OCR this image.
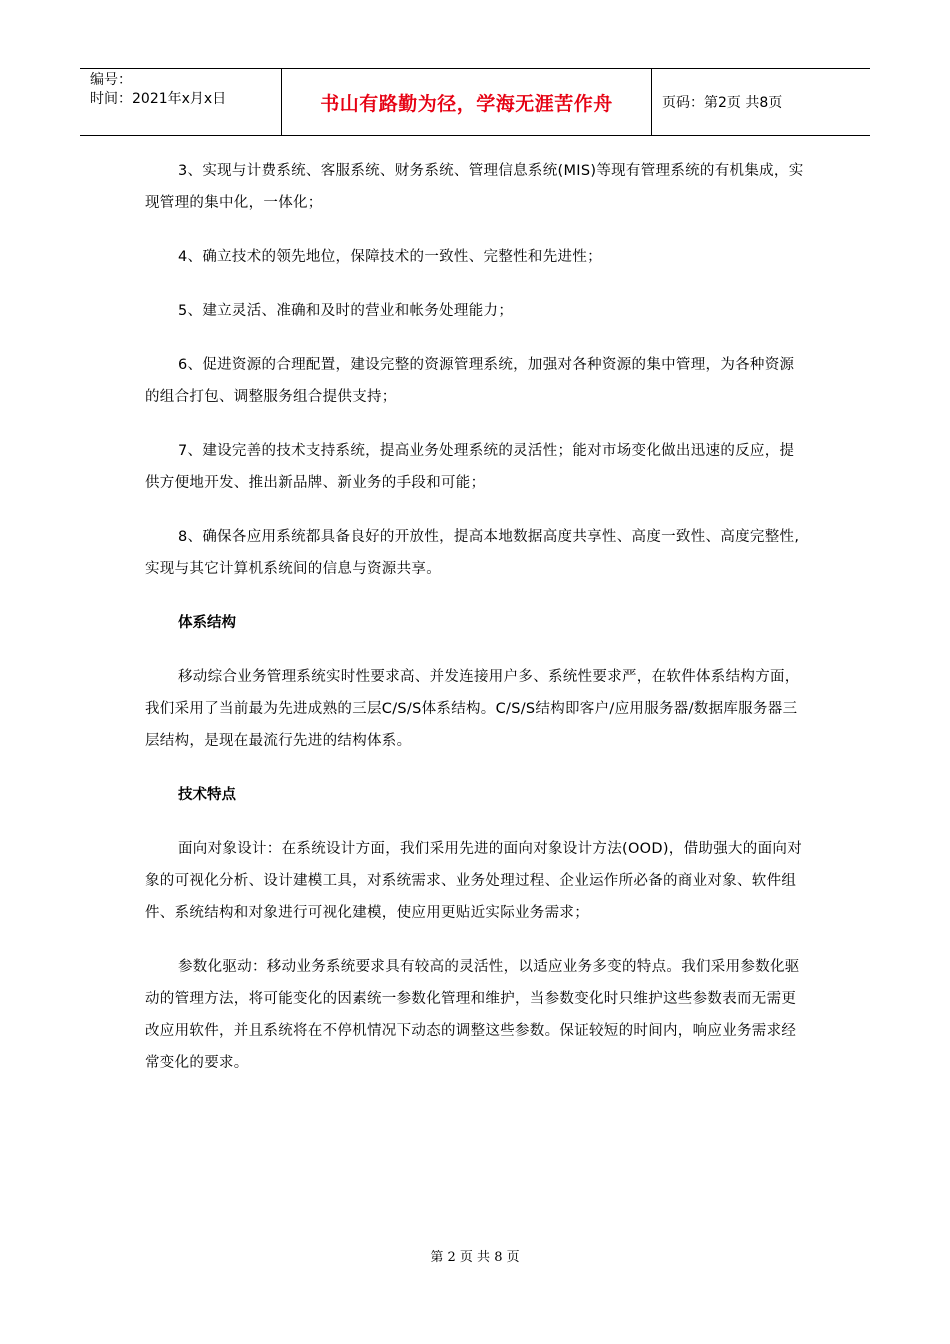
编号：
时间：2021年x月x日	书山有路勤为径，学海无涯苦作舟	页码：第2页 共8页

3、实现与计费系统、客服系统、财务系统、管理信息系统(MIS)等现有管理系统的有机集成，实现管理的集中化，一体化；

4、确立技术的领先地位，保障技术的一致性、完整性和先进性；

5、建立灵活、准确和及时的营业和帐务处理能力；

6、促进资源的合理配置，建设完整的资源管理系统，加强对各种资源的集中管理，为各种资源的组合打包、调整服务组合提供支持；

7、建设完善的技术支持系统，提高业务处理系统的灵活性；能对市场变化做出迅速的反应，提供方便地开发、推出新品牌、新业务的手段和可能；

8、确保各应用系统都具备良好的开放性，提高本地数据高度共享性、高度一致性、高度完整性,实现与其它计算机系统间的信息与资源共享。

体系结构

移动综合业务管理系统实时性要求高、并发连接用户多、系统性要求严，在软件体系结构方面，我们采用了当前最为先进成熟的三层C/S/S体系结构。C/S/S结构即客户/应用服务器/数据库服务器三层结构，是现在最流行先进的结构体系。

技术特点

面向对象设计：在系统设计方面，我们采用先进的面向对象设计方法(OOD)，借助强大的面向对象的可视化分析、设计建模工具，对系统需求、业务处理过程、企业运作所必备的商业对象、软件组件、系统结构和对象进行可视化建模，使应用更贴近实际业务需求；

参数化驱动：移动业务系统要求具有较高的灵活性，以适应业务多变的特点。我们采用参数化驱动的管理方法，将可能变化的因素统一参数化管理和维护，当参数变化时只维护这些参数表而无需更改应用软件，并且系统将在不停机情况下动态的调整这些参数。保证较短的时间内，响应业务需求经常变化的要求。

第 2 页 共 8 页
